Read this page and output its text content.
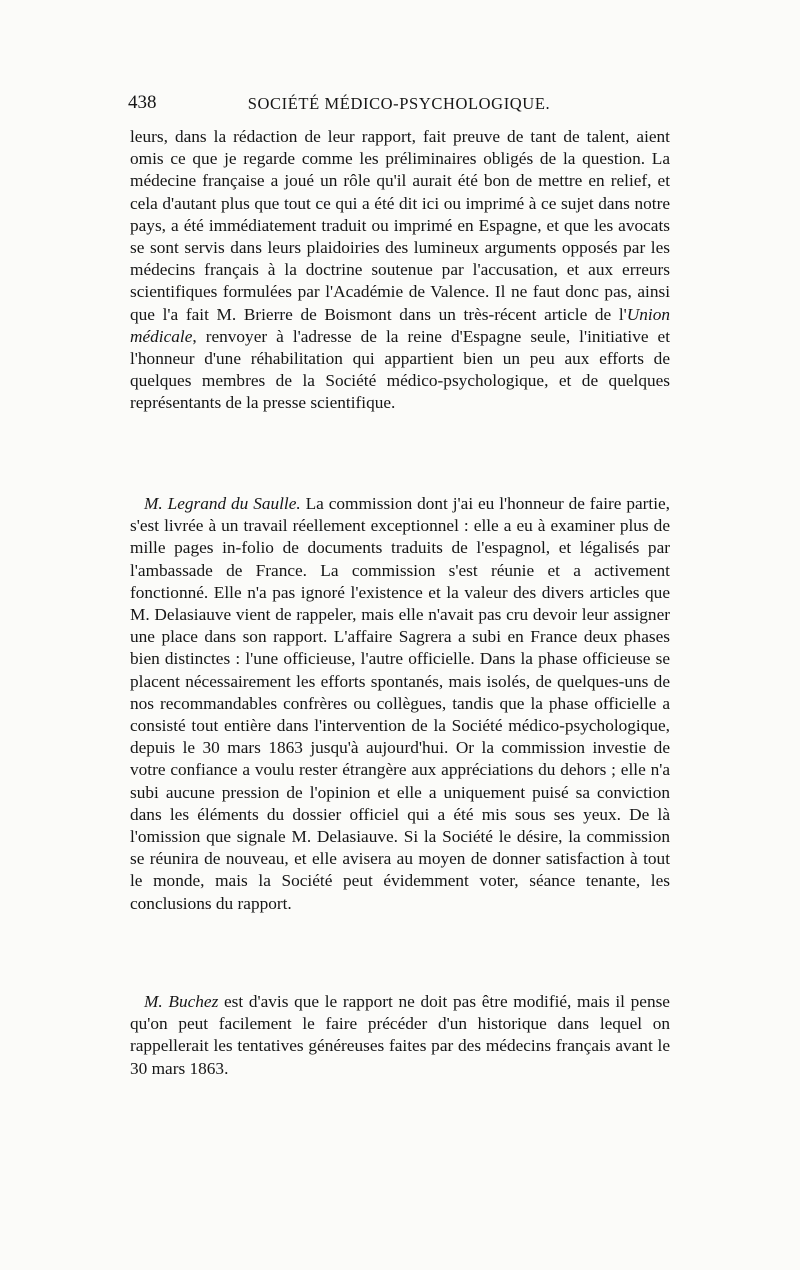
438	SOCIÉTÉ MÉDICO-PSYCHOLOGIQUE.

leurs, dans la rédaction de leur rapport, fait preuve de tant de talent, aient omis ce que je regarde comme les préliminaires obligés de la question. La médecine française a joué un rôle qu'il aurait été bon de mettre en relief, et cela d'autant plus que tout ce qui a été dit ici ou imprimé à ce sujet dans notre pays, a été immédiatement traduit ou imprimé en Espagne, et que les avocats se sont servis dans leurs plaidoiries des lumineux arguments opposés par les médecins français à la doctrine soutenue par l'accusation, et aux erreurs scientifiques formulées par l'Académie de Valence. Il ne faut donc pas, ainsi que l'a fait M. Brierre de Boismont dans un très-récent article de l'Union médicale, renvoyer à l'adresse de la reine d'Espagne seule, l'initiative et l'honneur d'une réhabilitation qui appartient bien un peu aux efforts de quelques membres de la Société médico-psychologique, et de quelques représentants de la presse scientifique.

M. Legrand du Saulle. La commission dont j'ai eu l'honneur de faire partie, s'est livrée à un travail réellement exceptionnel : elle a eu à examiner plus de mille pages in-folio de documents traduits de l'espagnol, et légalisés par l'ambassade de France. La commission s'est réunie et a activement fonctionné. Elle n'a pas ignoré l'existence et la valeur des divers articles que M. Delasiauve vient de rappeler, mais elle n'avait pas cru devoir leur assigner une place dans son rapport. L'affaire Sagrera a subi en France deux phases bien distinctes : l'une officieuse, l'autre officielle. Dans la phase officieuse se placent nécessairement les efforts spontanés, mais isolés, de quelques-uns de nos recommandables confrères ou collègues, tandis que la phase officielle a consisté tout entière dans l'intervention de la Société médico-psychologique, depuis le 30 mars 1863 jusqu'à aujourd'hui. Or la commission investie de votre confiance a voulu rester étrangère aux appréciations du dehors ; elle n'a subi aucune pression de l'opinion et elle a uniquement puisé sa conviction dans les éléments du dossier officiel qui a été mis sous ses yeux. De là l'omission que signale M. Delasiauve. Si la Société le désire, la commission se réunira de nouveau, et elle avisera au moyen de donner satisfaction à tout le monde, mais la Société peut évidemment voter, séance tenante, les conclusions du rapport.

M. Buchez est d'avis que le rapport ne doit pas être modifié, mais il pense qu'on peut facilement le faire précéder d'un historique dans lequel on rappellerait les tentatives généreuses faites par des médecins français avant le 30 mars 1863.
